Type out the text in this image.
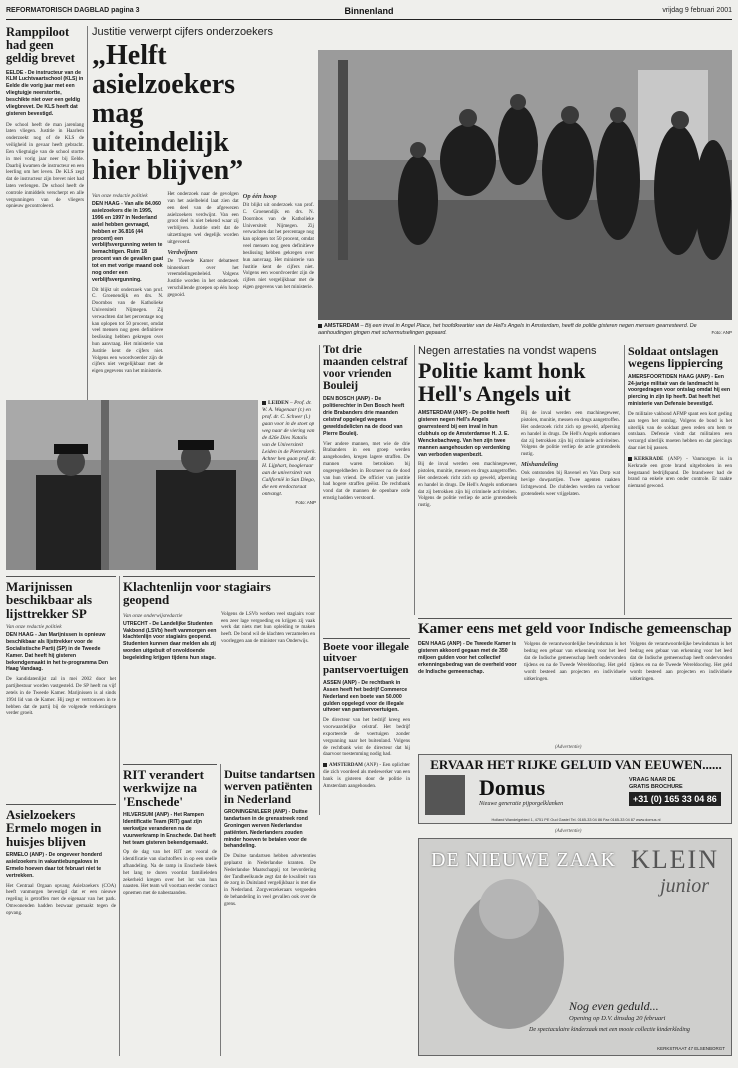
REFORMATORISCH DAGBLAD pagina 3	Binnenland	vrijdag 9 februari 2001
Ramppiloot had geen geldig brevet

EELDE - De instructeur van de KLM Luchtvaartschool (KLS) in Eelde die vorig jaar met een vliegtuigje neerstortte, beschikte niet over een geldig vliegbrevet. De KLS heeft dat gisteren bevestigd.

De school heeft de man jarenlang laten vliegen. Justitie in Haarlem onderzoekt nog of de KLS de veiligheid in gevaar heeft gebracht. Een vliegtuigje van de school stortte in mei vorig jaar neer bij Eelde. Daarbij kwamen de instructeur en een leerling om het leven. De KLS zegt dat de instructeur zijn brevet niet had laten verlengen. De school heeft de controle inmiddels verscherpt en alle vergunningen van de vliegers opnieuw gecontroleerd.

Justitie verwerpt cijfers onderzoekers
„Helft asielzoekers mag uiteindelijk hier blijven”
Van onze redactie politiek

DEN HAAG - Van alle 84.060 asielzoekers die in 1995, 1996 en 1997 in Nederland asiel hebben gevraagd, hebben er 36.816 (44 procent) een verblijfsvergunning weten te bemachtigen. Ruim 18 procent van de gevallen gaat tot en met vorige maand ook nog onder een verblijfsvergunning.

Dit blijkt uit onderzoek van prof. C. Groenendijk en drs. N. Doornbos van de Katholieke Universiteit Nijmegen. Zij verwachten dat het percentage nog kan oplopen tot 50 procent, omdat veel mensen nog geen definitieve beslissing hebben gekregen over hun aanvraag. Het ministerie van Justitie kent de cijfers niet. Volgens een woordvoerder zijn de cijfers niet vergelijkbaar met de eigen gegevens van het ministerie.

Het onderzoek naar de gevolgen van het asielbeleid laat zien dat een deel van de afgewezen asielzoekers verdwijnt. Van een groot deel is niet bekend waar zij verblijven. Justitie stelt dat de uitzettingen wel degelijk worden uitgevoerd.

Verdwijnen

De Tweede Kamer debatteert binnenkort over het vreemdelingenbeleid. Volgens Justitie worden in het onderzoek verschillende groepen op één hoop gegooid.

Op één hoop

Dit blijkt uit onderzoek van prof. C. Groenendijk en drs. N. Doornbos van de Katholieke Universiteit Nijmegen. Zij verwachten dat het percentage nog kan oplopen tot 50 procent, omdat veel mensen nog geen definitieve beslissing hebben gekregen over hun aanvraag. Het ministerie van Justitie kent de cijfers niet. Volgens een woordvoerder zijn de cijfers niet vergelijkbaar met de eigen gegevens van het ministerie.

AMSTERDAM – Bij een inval in Angel Place, het hoofdkwartier van de Hell's Angels in Amsterdam, heeft de politie gisteren negen mensen gearresteerd. De aanhoudingen gingen met schermutselingen gepaard.	Foto: ANP

LEIDEN – Prof. dr. W. A. Wagenaar (r.) en prof. dr. C. Schwer (l.) gaan voor in de stoet op weg naar de viering van de 426e Dies Natalis van de Universiteit Leiden in de Pieterskerk. Achter hen gaan prof. dr. H. Lijphart, hoogleraar aan de universiteit van Californië in San Diego, die een eredoctoraat ontvangt.

Foto: ANP

Tot drie maanden celstraf voor vrienden Bouleij

DEN BOSCH (ANP) - De politierechter in Den Bosch heeft drie Brabanders drie maanden celstraf opgelegd wegens geweldsdelicten na de dood van Pierre Bouleij.

Vier andere mannen, met wie de drie Brabanders in een groep werden aangehouden, kregen lagere straffen. De mannen waren betrokken bij ongeregeldheden in Boxmeer na de dood van hun vriend. De officier van justitie had hogere straffen geëist. De rechtbank vond dat de mannen de openbare orde ernstig hadden verstoord.

Boete voor illegale uitvoer pantservoertuigen

ASSEN (ANP) - De rechtbank in Assen heeft het bedrijf Commerce Nederland een boete van 50.000 gulden opgelegd voor de illegale uitvoer van pantservoertuigen.

De directeur van het bedrijf kreeg een voorwaardelijke celstraf. Het bedrijf exporteerde de voertuigen zonder vergunning naar het buitenland. Volgens de rechtbank wist de directeur dat hij daarvoor toestemming nodig had.

AMSTERDAM (ANP) - Een oplichter die zich voordeed als medewerker van een bank is gisteren door de politie in Amsterdam aangehouden.

Negen arrestaties na vondst wapens
Politie kamt honk Hell's Angels uit

AMSTERDAM (ANP) - De politie heeft gisteren negen Hell's Angels gearresteerd bij een inval in hun clubhuis op de Amsterdamse H. J. E. Wenckebachweg. Van hen zijn twee mannen aangehouden op verdenking van verboden wapenbezit.

Bij de inval werden een machinegeweer, pistolen, munitie, messen en drugs aangetroffen. Het onderzoek richt zich op geweld, afpersing en handel in drugs. De Hell's Angels ontkennen dat zij betrokken zijn bij criminele activiteiten. Volgens de politie verliep de actie grotendeels rustig.

Bij de inval werden een machinegeweer, pistolen, munitie, messen en drugs aangetroffen. Het onderzoek richt zich op geweld, afpersing en handel in drugs. De Hell's Angels ontkennen dat zij betrokken zijn bij criminele activiteiten. Volgens de politie verliep de actie grotendeels rustig.

Mishandeling

Ook ontstonden bij Ravenel en Van Dorp wat hevige duwpartijen. Twee agenten raakten lichtgewond. De clubleden werden na verhoor grotendeels weer vrijgelaten.

Soldaat ontslagen wegens lippiercing

AMERSFOORT/DEN HAAG (ANP) - Een 24-jarige militair van de landmacht is voorgedragen voor ontslag omdat hij een piercing in zijn lip heeft. Dat heeft het ministerie van Defensie bevestigd.

De militaire vakbond AFMP spant een kort geding aan tegen het ontslag. Volgens de bond is het uiterlijk van de soldaat geen reden om hem te ontslaan. Defensie vindt dat militairen een verzorgd uiterlijk moeten hebben en dat piercings daar niet bij passen.

KERKRADE (ANP) - Vanmorgen is in Kerkrade een grote brand uitgebroken in een leegstaand bedrijfspand. De brandweer had de brand na enkele uren onder controle. Er raakte niemand gewond.

Kamer eens met geld voor Indische gemeenschap

DEN HAAG (ANP) - De Tweede Kamer is gisteren akkoord gegaan met de 350 miljoen gulden voor het collectief erkenningsbedrag van de overheid voor de Indische gemeenschap.

Volgens de verantwoordelijke bewindsman is het bedrag een gebaar van erkenning voor het leed dat de Indische gemeenschap heeft ondervonden tijdens en na de Tweede Wereldoorlog. Het geld wordt besteed aan projecten en individuele uitkeringen.

Volgens de verantwoordelijke bewindsman is het bedrag een gebaar van erkenning voor het leed dat de Indische gemeenschap heeft ondervonden tijdens en na de Tweede Wereldoorlog. Het geld wordt besteed aan projecten en individuele uitkeringen.

Marijnissen beschikbaar als lijsttrekker SP
Van onze redactie politiek

DEN HAAG - Jan Marijnissen is opnieuw beschikbaar als lijsttrekker voor de Socialistische Partij (SP) in de Tweede Kamer. Dat heeft hij gisteren bekendgemaakt in het tv-programma Den Haag Vandaag.

De kandidatenlijst zal in mei 2002 door het partijbestuur worden vastgesteld. De SP heeft nu vijf zetels in de Tweede Kamer. Marijnissen is al sinds 1994 lid van de Kamer. Hij zegt er vertrouwen in te hebben dat de partij bij de volgende verkiezingen verder groeit.

Asielzoekers Ermelo mogen in huisjes blijven

ERMELO (ANP) - De ongeveer honderd asielzoekers in vakantiebungalows in Ermelo hoeven daar tot februari niet te vertrekken.

Het Centraal Orgaan opvang Asielzoekers (COA) heeft vanmorgen bevestigd dat er een nieuwe regeling is getroffen met de eigenaar van het park. Omwonenden hadden bezwaar gemaakt tegen de opvang.

Klachtenlijn voor stagiairs geopend
Van onze onderwijsredactie

UTRECHT - De Landelijke Studenten Vakbond (LSVb) heeft vanmorgen een klachtenlijn voor stagiairs geopend. Studenten kunnen daar melden als zij worden uitgebuit of onvoldoende begeleiding krijgen tijdens hun stage.

Volgens de LSVb werken veel stagiairs voor een zeer lage vergoeding en krijgen zij vaak werk dat niets met hun opleiding te maken heeft. De bond wil de klachten verzamelen en voorleggen aan de minister van Onderwijs.

RIT verandert werkwijze na 'Enschede'

HILVERSUM (ANP) - Het Rampen Identificatie Team (RIT) gaat zijn werkwijze veranderen na de vuurwerkramp in Enschede. Dat heeft het team gisteren bekendgemaakt.

Op de dag van het RIT zet vooral de identificatie van slachtoffers in op een snelle afhandeling. Na de ramp in Enschede bleek het lang te duren voordat familieleden zekerheid kregen over het lot van hun naasten. Het team wil voortaan eerder contact opnemen met de nabestaanden.

Duitse tandartsen werven patiënten in Nederland

GRONINGEN/LEER (ANP) - Duitse tandartsen in de grensstreek rond Groningen werven Nederlandse patiënten. Nederlanders zouden minder hoeven te betalen voor de behandeling.

De Duitse tandartsen hebben advertenties geplaatst in Nederlandse kranten. De Nederlandse Maatschappij tot bevordering der Tandheelkunde zegt dat de kwaliteit van de zorg in Duitsland vergelijkbaar is met die in Nederland. Zorgverzekeraars vergoeden de behandeling in veel gevallen ook over de grens.

(Advertentie)
ERVAAR HET RIJKE GELUID VAN EEUWEN......
Domus
Nieuwe generatie pijporgelklanken
VRAAG NAAR DE
GRATIS BROCHURE
+31 (0) 165 33 04 86
Holland Wandelgebied 1, 4751 PE Oud Gastel Tel. 0165-33 04 86 Fax 0165-33 04 87 www.domus.nl
(Advertentie)
DE NIEUWE ZAAK KLEIN
junior
Nog even geduld...
Opening op D.V. dinsdag 20 februari
De spectaculaire kinderzaak met een mooie collectie kinderkleding
KERKSTRAAT 47 ELSENBORGT
